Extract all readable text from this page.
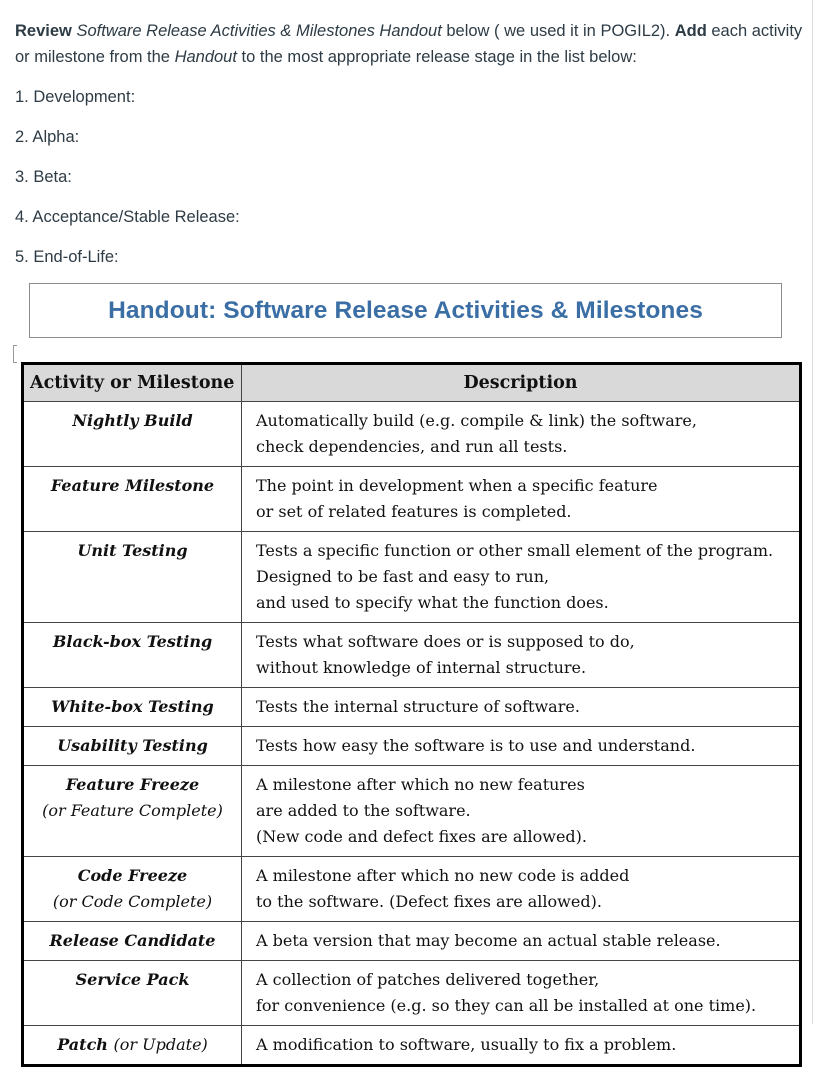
Review Software Release Activities & Milestones Handout below ( we used it in POGIL2). Add each activity or milestone from the Handout to the most appropriate release stage in the list below:

1. Development:
2. Alpha:
3. Beta:
4. Acceptance/Stable Release:
5. End-of-Life:
Handout: Software Release Activities & Milestones
Activity or Milestone	Description
Nightly Build	Automatically build (e.g. compile & link) the software,
check dependencies, and run all tests.

Feature Milestone	The point in development when a specific feature
or set of related features is completed.

Unit Testing	Tests a specific function or other small element of the program.
Designed to be fast and easy to run,
and used to specify what the function does.

Black-box Testing	Tests what software does or is supposed to do,
without knowledge of internal structure.

White-box Testing	Tests the internal structure of software.

Usability Testing	Tests how easy the software is to use and understand.

Feature Freeze
(or Feature Complete)	A milestone after which no new features
are added to the software.
(New code and defect fixes are allowed).

Code Freeze
(or Code Complete)	A milestone after which no new code is added
to the software. (Defect fixes are allowed).

Release Candidate	A beta version that may become an actual stable release.

Service Pack	A collection of patches delivered together,
for convenience (e.g. so they can all be installed at one time).

Patch (or Update)	A modification to software, usually to fix a problem.
